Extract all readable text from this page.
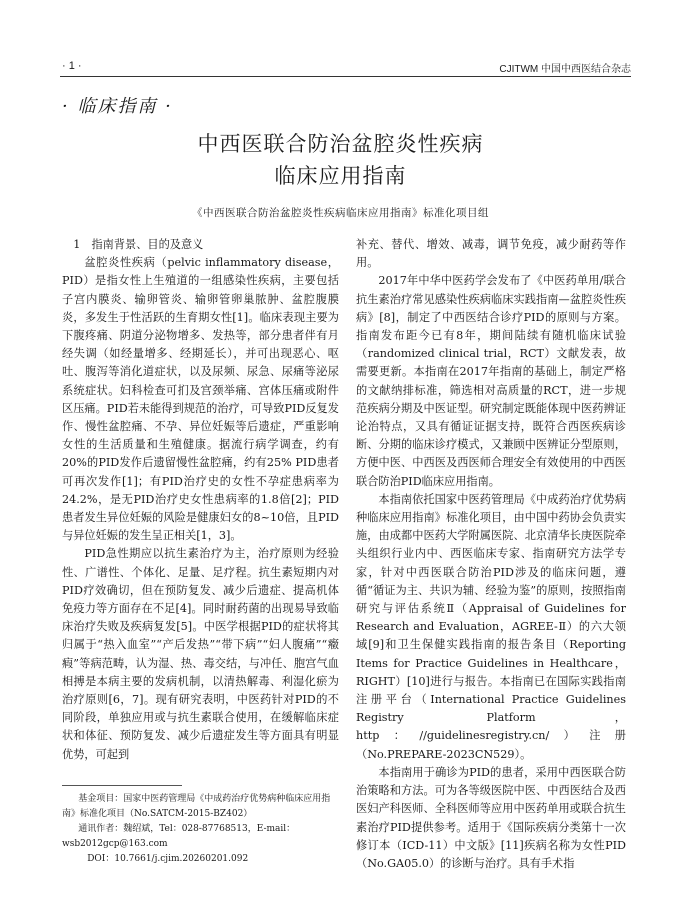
· 1 ·	CJITWM 中国中西医结合杂志
· 临床指南 ·
中西医联合防治盆腔炎性疾病
临床应用指南
《中西医联合防治盆腔炎性疾病临床应用指南》标准化项目组

1　指南背景、目的及意义

盆腔炎性疾病（pelvic inflammatory disease，PID）是指女性上生殖道的一组感染性疾病，主要包括子宫内膜炎、输卵管炎、输卵管卵巢脓肿、盆腔腹膜炎，多发生于性活跃的生育期女性[1]。临床表现主要为下腹疼痛、阴道分泌物增多、发热等，部分患者伴有月经失调（如经量增多、经期延长），并可出现恶心、呕吐、腹泻等消化道症状，以及尿频、尿急、尿痛等泌尿系统症状。妇科检查可扪及宫颈举痛、宫体压痛或附件区压痛。PID若未能得到规范的治疗，可导致PID反复发作、慢性盆腔痛、不孕、异位妊娠等后遗症，严重影响女性的生活质量和生殖健康。据流行病学调查，约有20%的PID发作后遗留慢性盆腔痛，约有25% PID患者可再次发作[1]；有PID治疗史的女性不孕症患病率为24.2%，是无PID治疗史女性患病率的1.8倍[2]；PID患者发生异位妊娠的风险是健康妇女的8~10倍，且PID与异位妊娠的发生呈正相关[1，3]。

PID急性期应以抗生素治疗为主，治疗原则为经验性、广谱性、个体化、足量、足疗程。抗生素短期内对PID疗效确切，但在预防复发、减少后遗症、提高机体免疫力等方面存在不足[4]。同时耐药菌的出现易导致临床治疗失败及疾病复发[5]。中医学根据PID的症状将其归属于“热入血室”“产后发热”“带下病”“妇人腹痛”“癥瘕”等病范畴，认为湿、热、毒交结，与冲任、胞宫气血相搏是本病主要的发病机制，以清热解毒、利湿化瘀为治疗原则[6，7]。现有研究表明，中医药针对PID的不同阶段，单独应用或与抗生素联合使用，在缓解临床症状和体征、预防复发、减少后遗症发生等方面具有明显优势，可起到

补充、替代、增效、减毒，调节免疫，减少耐药等作用。

2017年中华中医药学会发布了《中医药单用/联合抗生素治疗常见感染性疾病临床实践指南—盆腔炎性疾病》[8]，制定了中西医结合诊疗PID的原则与方案。指南发布距今已有8年，期间陆续有随机临床试验（randomized clinical trial，RCT）文献发表，故需要更新。本指南在2017年指南的基础上，制定严格的文献纳排标准，筛选相对高质量的RCT，进一步规范疾病分期及中医证型。研究制定既能体现中医药辨证论治特点，又具有循证证据支持，既符合西医疾病诊断、分期的临床诊疗模式，又兼顾中医辨证分型原则，方便中医、中西医及西医师合理安全有效使用的中西医联合防治PID临床应用指南。

本指南依托国家中医药管理局《中成药治疗优势病种临床应用指南》标准化项目，由中国中药协会负责实施，由成都中医药大学附属医院、北京清华长庚医院牵头组织行业内中、西医临床专家、指南研究方法学专家，针对中西医联合防治PID涉及的临床问题，遵循“循证为主、共识为辅、经验为鉴”的原则，按照指南研究与评估系统Ⅱ（Appraisal of Guidelines for Research and Evaluation，AGREE-Ⅱ）的六大领域[9]和卫生保健实践指南的报告条目（Reporting Items for Practice Guidelines in Healthcare，RIGHT）[10]进行与报告。本指南已在国际实践指南注册平台（International Practice Guidelines Registry Platform，http：//guidelinesregistry.cn/）注册（No.PREPARE-2023CN529）。

本指南用于确诊为PID的患者，采用中西医联合防治策略和方法。可为各等级医院中医、中西医结合及西医妇产科医师、全科医师等应用中医药单用或联合抗生素治疗PID提供参考。适用于《国际疾病分类第十一次修订本（ICD-11）中文版》[11]疾病名称为女性PID（No.GA05.0）的诊断与治疗。具有手术指

基金项目：国家中医药管理局《中成药治疗优势病种临床应用指南》标准化项目（No.SATCM-2015-BZ402）

通讯作者：魏绍斌，Tel：028-87768513，E-mail：wsb2012gcp@163.com

DOI：10.7661/j.cjim.20260201.092
